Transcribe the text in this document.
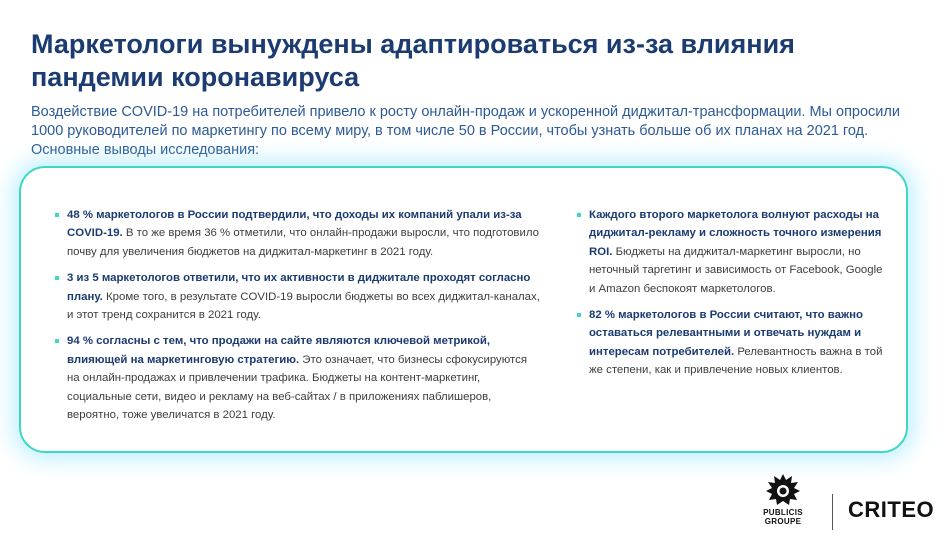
Маркетологи вынуждены адаптироваться из-за влияния пандемии коронавируса
Воздействие COVID-19 на потребителей привело к росту онлайн-продаж и ускоренной диджитал-трансформации. Мы опросили 1000 руководителей по маркетингу по всему миру, в том числе 50 в России, чтобы узнать больше об их планах на 2021 год. Основные выводы исследования:
48 % маркетологов в России подтвердили, что доходы их компаний упали из-за COVID-19. В то же время 36 % отметили, что онлайн-продажи выросли, что подготовило почву для увеличения бюджетов на диджитал-маркетинг в 2021 году.
3 из 5 маркетологов ответили, что их активности в диджитале проходят согласно плану. Кроме того, в результате COVID-19 выросли бюджеты во всех диджитал-каналах, и этот тренд сохранится в 2021 году.
94 % согласны с тем, что продажи на сайте являются ключевой метрикой, влияющей на маркетинговую стратегию. Это означает, что бизнесы сфокусируются на онлайн-продажах и привлечении трафика. Бюджеты на контент-маркетинг, социальные сети, видео и рекламу на веб-сайтах / в приложениях паблишеров, вероятно, тоже увеличатся в 2021 году.
Каждого второго маркетолога волнуют расходы на диджитал-рекламу и сложность точного измерения ROI. Бюджеты на диджитал-маркетинг выросли, но неточный таргетинг и зависимость от Facebook, Google и Amazon беспокоят маркетологов.
82 % маркетологов в России считают, что важно оставаться релевантными и отвечать нуждам и интересам потребителей. Релевантность важна в той же степени, как и привлечение новых клиентов.
PUBLICIS
GROUPE	CRITEO
